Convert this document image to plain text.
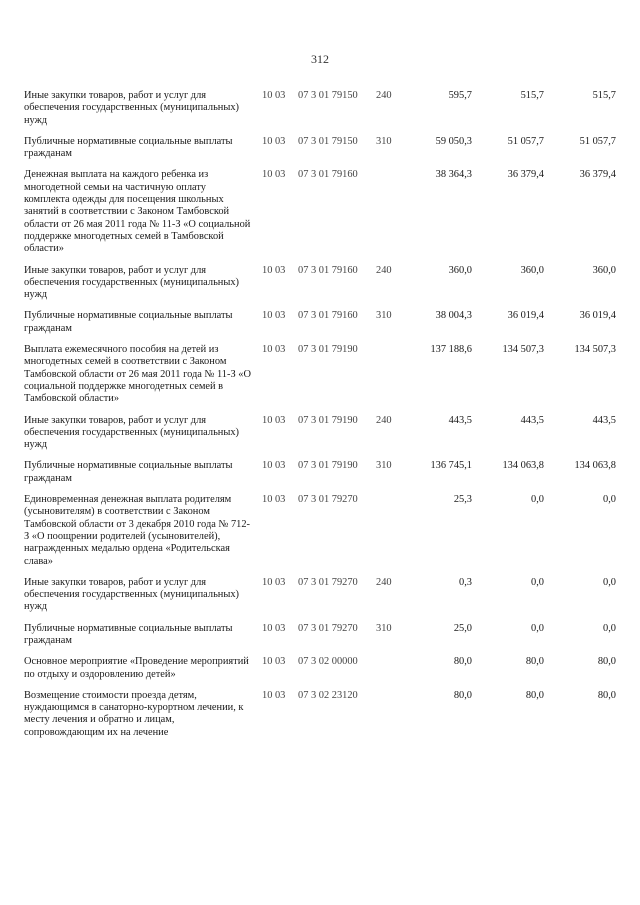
312
Иные закупки товаров, работ и услуг для обеспечения государственных (муниципальных) нужд	10 03	07 3 01 79150	240	595,7	515,7	515,7
Публичные нормативные социальные выплаты гражданам	10 03	07 3 01 79150	310	59 050,3	51 057,7	51 057,7
Денежная выплата на каждого ребенка из многодетной семьи на частичную оплату комплекта одежды для посещения школьных занятий в соответствии с Законом Тамбовской области от 26 мая 2011 года № 11-З «О социальной поддержке многодетных семей в Тамбовской области»	10 03	07 3 01 79160		38 364,3	36 379,4	36 379,4
Иные закупки товаров, работ и услуг для обеспечения государственных (муниципальных) нужд	10 03	07 3 01 79160	240	360,0	360,0	360,0
Публичные нормативные социальные выплаты гражданам	10 03	07 3 01 79160	310	38 004,3	36 019,4	36 019,4
Выплата ежемесячного пособия на детей из многодетных семей в соответствии с Законом Тамбовской области от 26 мая 2011 года № 11-З «О социальной поддержке многодетных семей в Тамбовской области»	10 03	07 3 01 79190		137 188,6	134 507,3	134 507,3
Иные закупки товаров, работ и услуг для обеспечения государственных (муниципальных) нужд	10 03	07 3 01 79190	240	443,5	443,5	443,5
Публичные нормативные социальные выплаты гражданам	10 03	07 3 01 79190	310	136 745,1	134 063,8	134 063,8
Единовременная денежная выплата родителям (усыновителям) в соответствии с Законом Тамбовской области от 3 декабря 2010 года № 712-З «О поощрении родителей (усыновителей), награжденных медалью ордена «Родительская слава»	10 03	07 3 01 79270		25,3	0,0	0,0
Иные закупки товаров, работ и услуг для обеспечения государственных (муниципальных) нужд	10 03	07 3 01 79270	240	0,3	0,0	0,0
Публичные нормативные социальные выплаты гражданам	10 03	07 3 01 79270	310	25,0	0,0	0,0
Основное мероприятие «Проведение мероприятий по отдыху и оздоровлению детей»	10 03	07 3 02 00000		80,0	80,0	80,0
Возмещение стоимости проезда детям, нуждающимся в санаторно-курортном лечении, к месту лечения и обратно и лицам, сопровождающим их на лечение	10 03	07 3 02 23120		80,0	80,0	80,0
